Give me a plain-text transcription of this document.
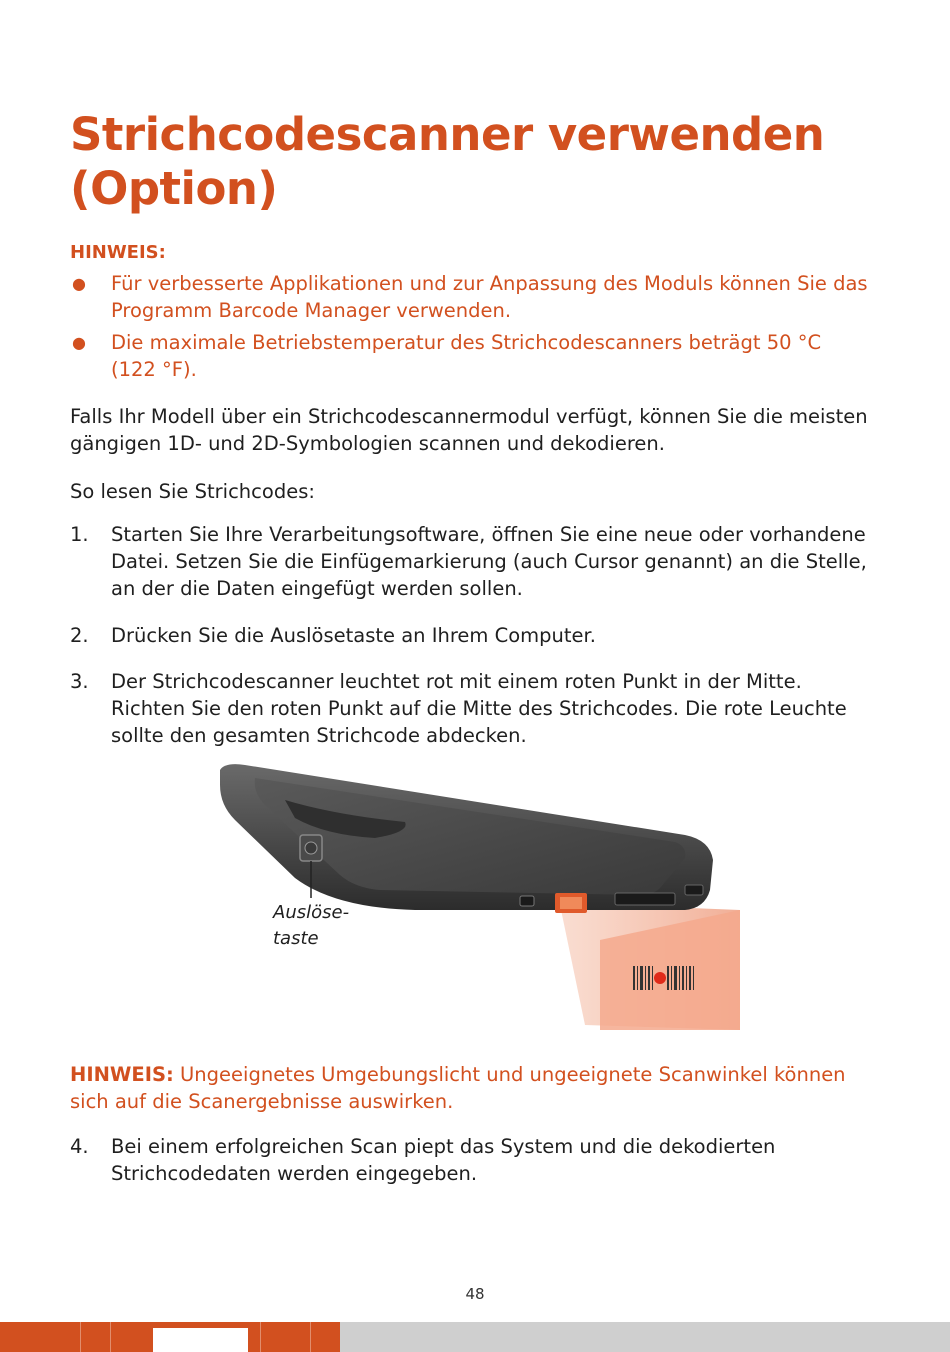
Strichcodescanner verwenden (Option)
HINWEIS:
● Für verbesserte Applikationen und zur Anpassung des Moduls können Sie das Programm Barcode Manager verwenden.
● Die maximale Betriebstemperatur des Strichcodescanners beträgt 50 °C (122 °F).

Falls Ihr Modell über ein Strichcodescannermodul verfügt, können Sie die meisten gängigen 1D- und 2D-Symbologien scannen und dekodieren.

So lesen Sie Strichcodes:

1. Starten Sie Ihre Verarbeitungsoftware, öffnen Sie eine neue oder vorhandene Datei. Setzen Sie die Einfügemarkierung (auch Cursor genannt) an die Stelle, an der die Daten eingefügt werden sollen.
2. Drücken Sie die Auslösetaste an Ihrem Computer.
3. Der Strichcodescanner leuchtet rot mit einem roten Punkt in der Mitte. Richten Sie den roten Punkt auf die Mitte des Strichcodes. Die rote Leuchte sollte den gesamten Strichcode abdecken.
Auslöse-
taste

HINWEIS: Ungeeignetes Umgebungslicht und ungeeignete Scanwinkel können sich auf die Scanergebnisse auswirken.

4. Bei einem erfolgreichen Scan piept das System und die dekodierten Strichcodedaten werden eingegeben.
48
